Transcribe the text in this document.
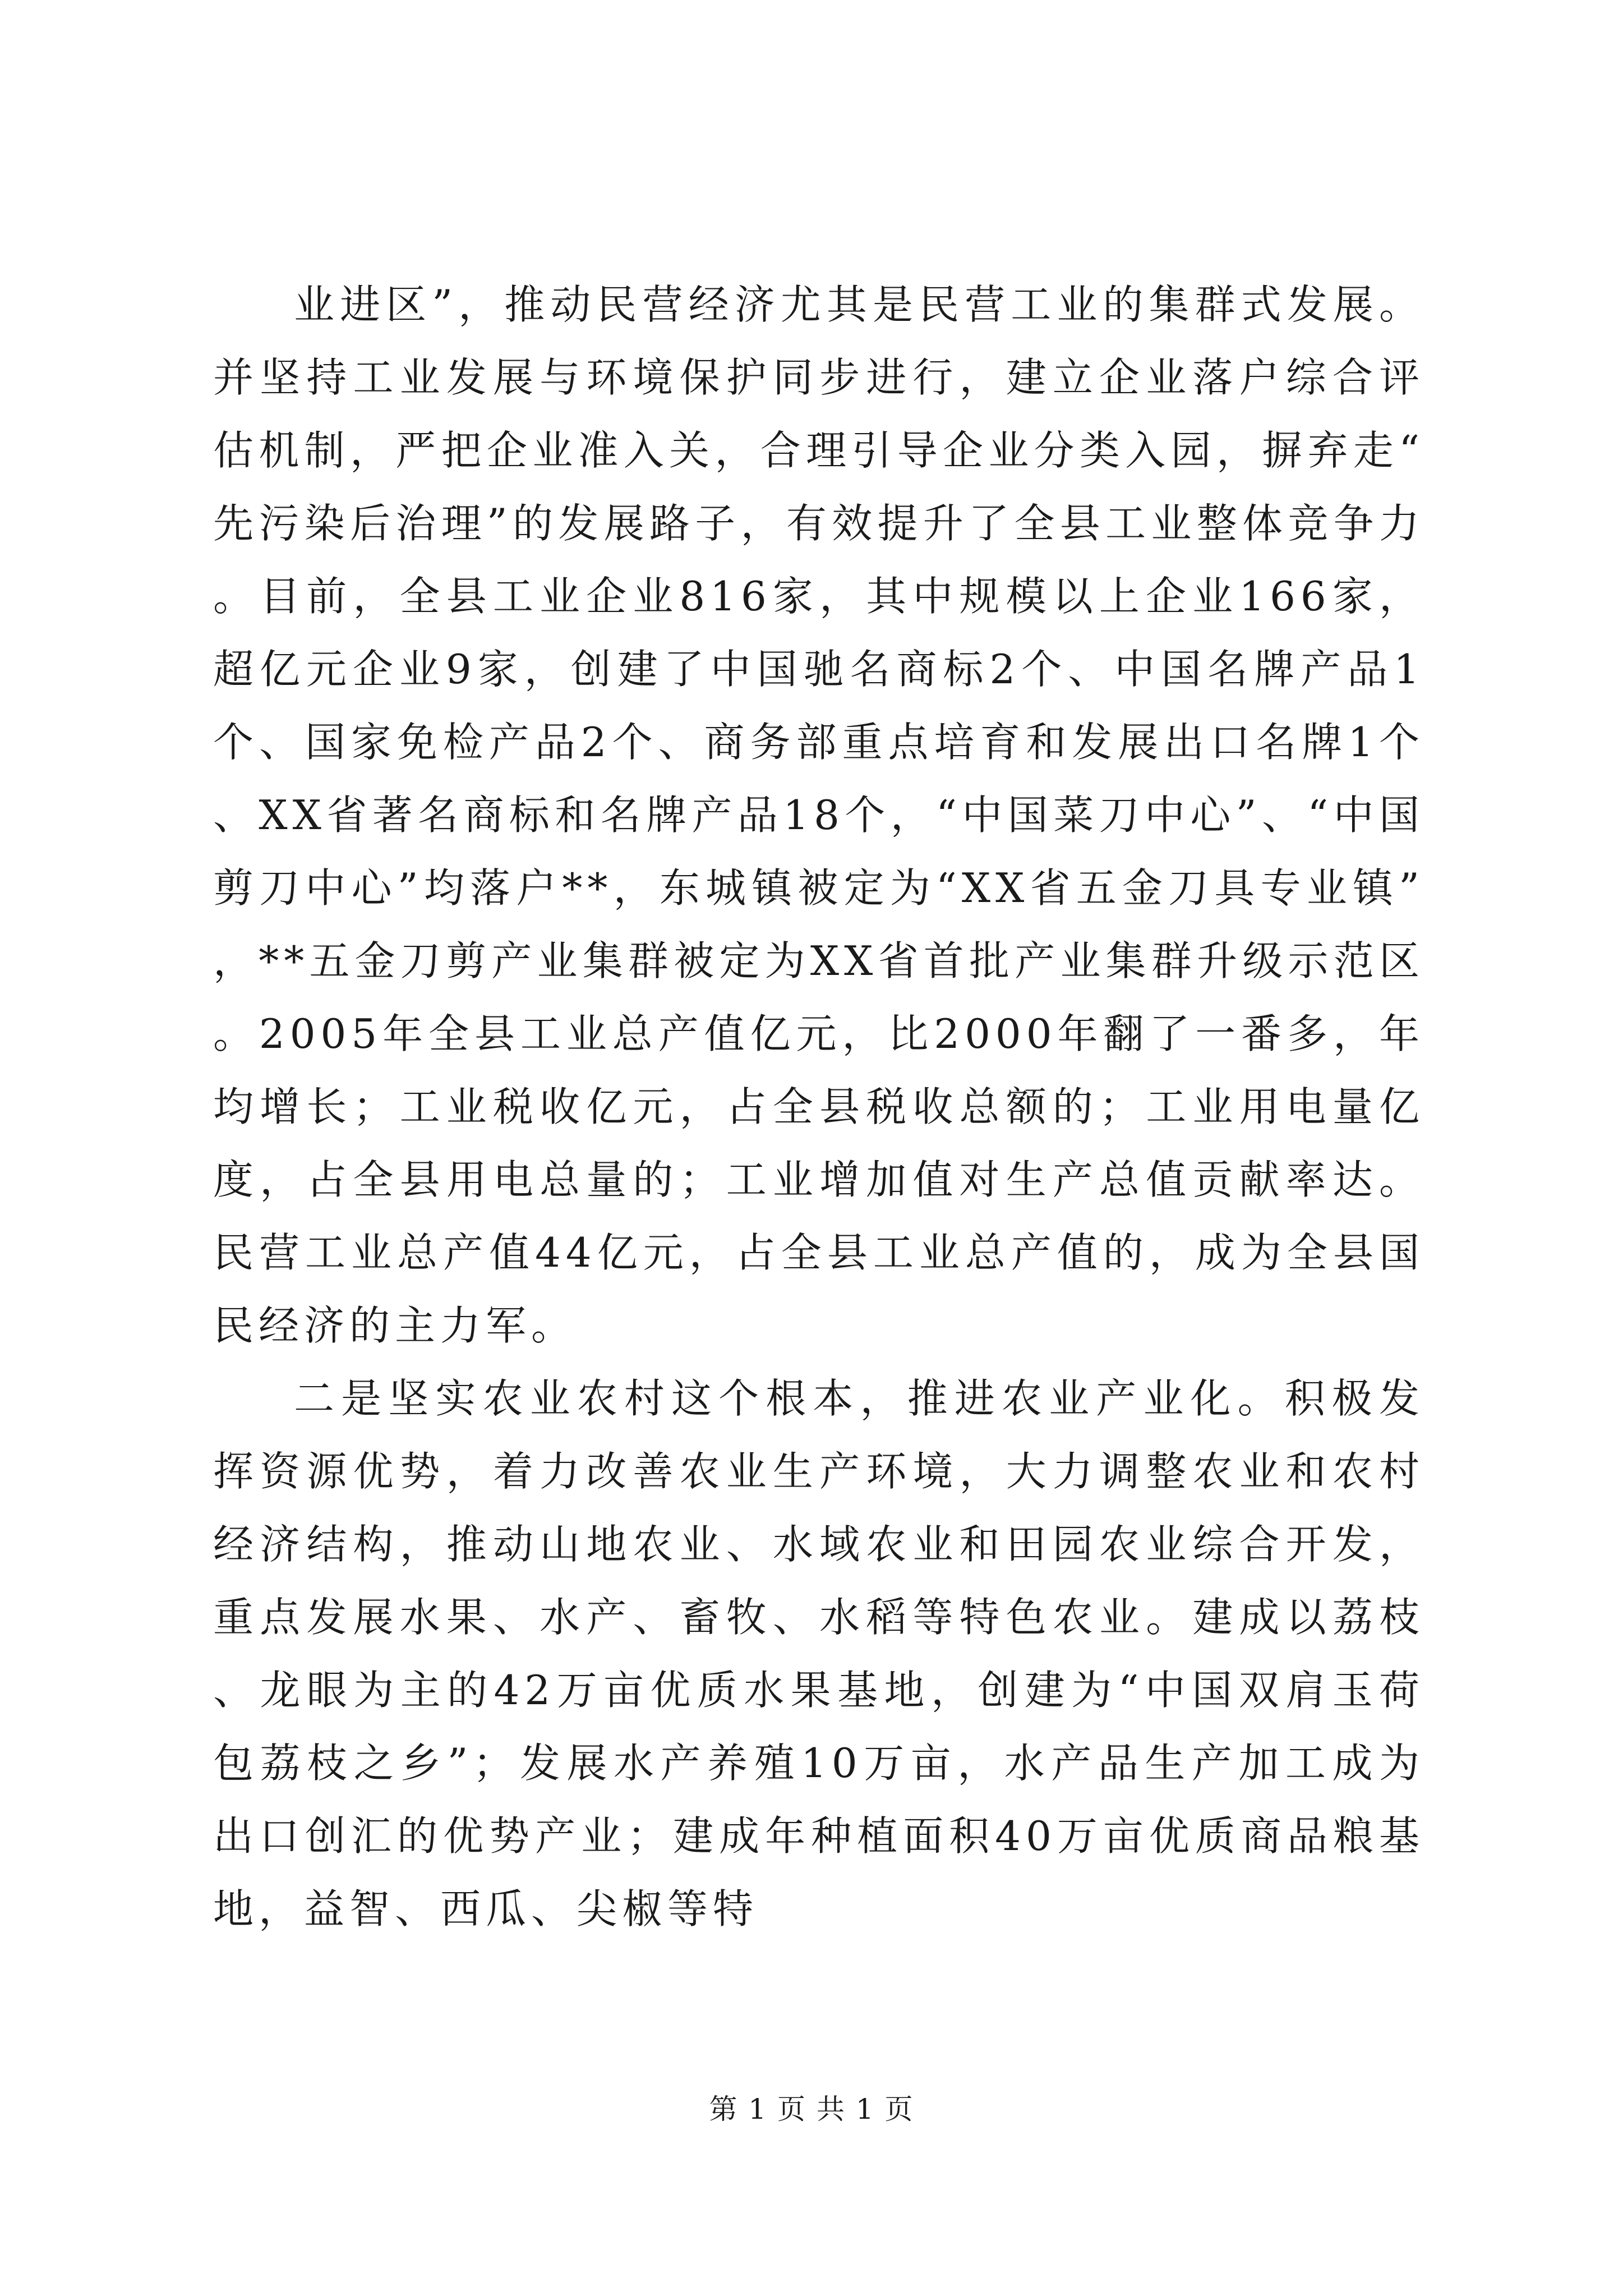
业进区”，推动民营经济尤其是民营工业的集群式发展。并坚持工业发展与环境保护同步进行，建立企业落户综合评估机制，严把企业准入关，合理引导企业分类入园，摒弃走“先污染后治理”的发展路子，有效提升了全县工业整体竞争力。目前，全县工业企业816家，其中规模以上企业166家，超亿元企业9家，创建了中国驰名商标2个、中国名牌产品1个、国家免检产品2个、商务部重点培育和发展出口名牌1个、XX省著名商标和名牌产品18个，“中国菜刀中心”、“中国剪刀中心”均落户**，东城镇被定为“XX省五金刀具专业镇”，**五金刀剪产业集群被定为XX省首批产业集群升级示范区。2005年全县工业总产值亿元，比2000年翻了一番多，年均增长；工业税收亿元，占全县税收总额的；工业用电量亿度，占全县用电总量的；工业增加值对生产总值贡献率达。民营工业总产值44亿元，占全县工业总产值的，成为全县国民经济的主力军。

二是坚实农业农村这个根本，推进农业产业化。积极发挥资源优势，着力改善农业生产环境，大力调整农业和农村经济结构，推动山地农业、水域农业和田园农业综合开发，重点发展水果、水产、畜牧、水稻等特色农业。建成以荔枝、龙眼为主的42万亩优质水果基地，创建为“中国双肩玉荷包荔枝之乡”；发展水产养殖10万亩，水产品生产加工成为出口创汇的优势产业；建成年种植面积40万亩优质商品粮基地，益智、西瓜、尖椒等特

第 1 页 共 1 页
